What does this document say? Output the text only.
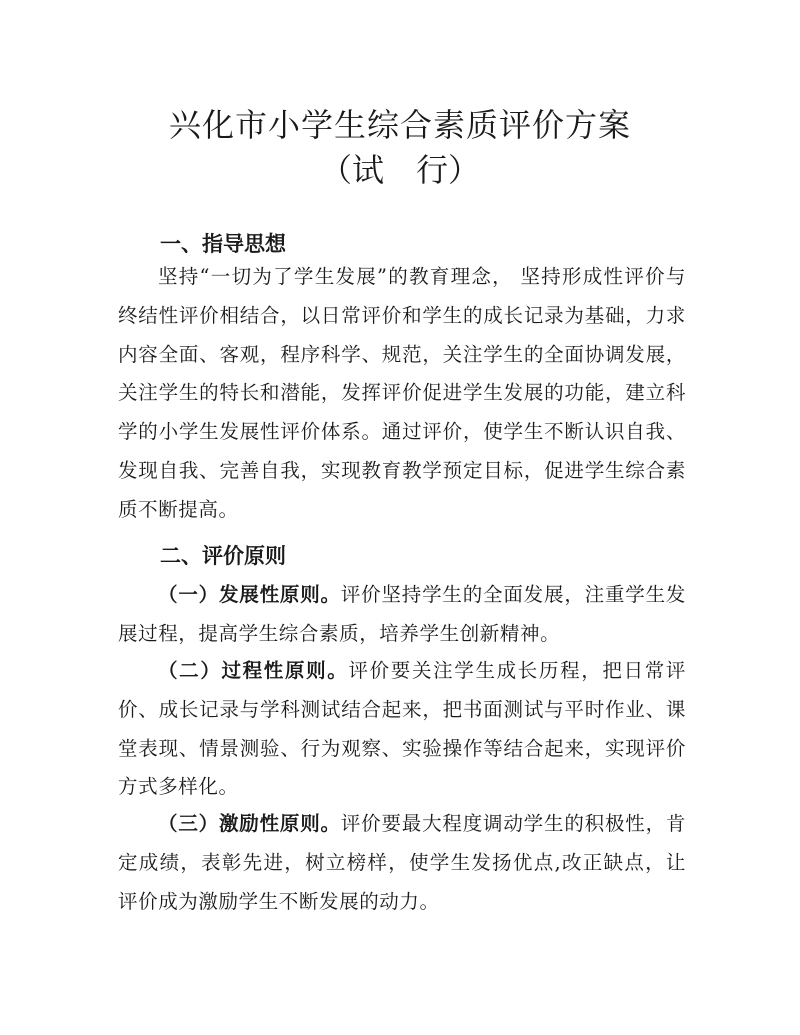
兴化市小学生综合素质评价方案
（试　行）
一、指导思想
坚持“一切为了学生发展”的教育理念， 坚持形成性评价与终结性评价相结合，以日常评价和学生的成长记录为基础，力求内容全面、客观，程序科学、规范，关注学生的全面协调发展，关注学生的特长和潜能，发挥评价促进学生发展的功能，建立科学的小学生发展性评价体系。通过评价，使学生不断认识自我、发现自我、完善自我，实现教育教学预定目标，促进学生综合素质不断提高。
二、评价原则
（一）发展性原则。评价坚持学生的全面发展，注重学生发展过程，提高学生综合素质，培养学生创新精神。
（二）过程性原则。评价要关注学生成长历程，把日常评价、成长记录与学科测试结合起来，把书面测试与平时作业、课堂表现、情景测验、行为观察、实验操作等结合起来，实现评价方式多样化。
（三）激励性原则。评价要最大程度调动学生的积极性，肯定成绩，表彰先进，树立榜样，使学生发扬优点,改正缺点，让评价成为激励学生不断发展的动力。
